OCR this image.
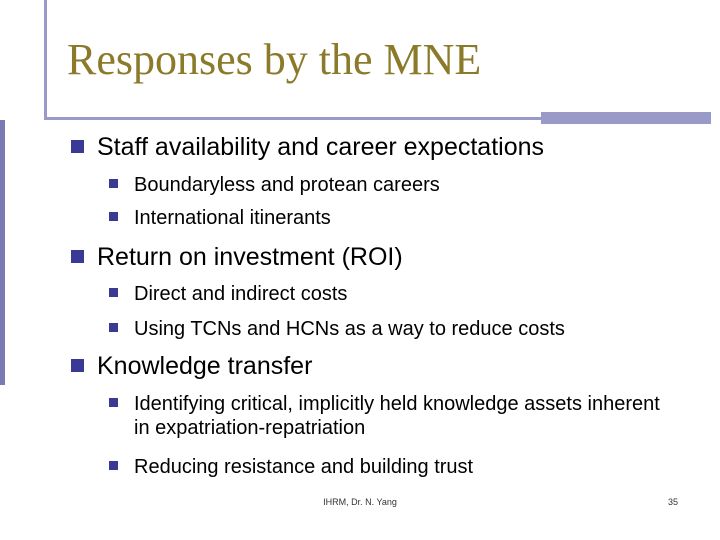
Responses by the MNE
Staff availability and career expectations
Boundaryless and protean careers
International itinerants
Return on investment (ROI)
Direct and indirect costs
Using TCNs and HCNs as a way to reduce costs
Knowledge transfer
Identifying critical, implicitly held knowledge assets inherent in expatriation-repatriation
Reducing resistance and building trust
IHRM, Dr. N. Yang	35
